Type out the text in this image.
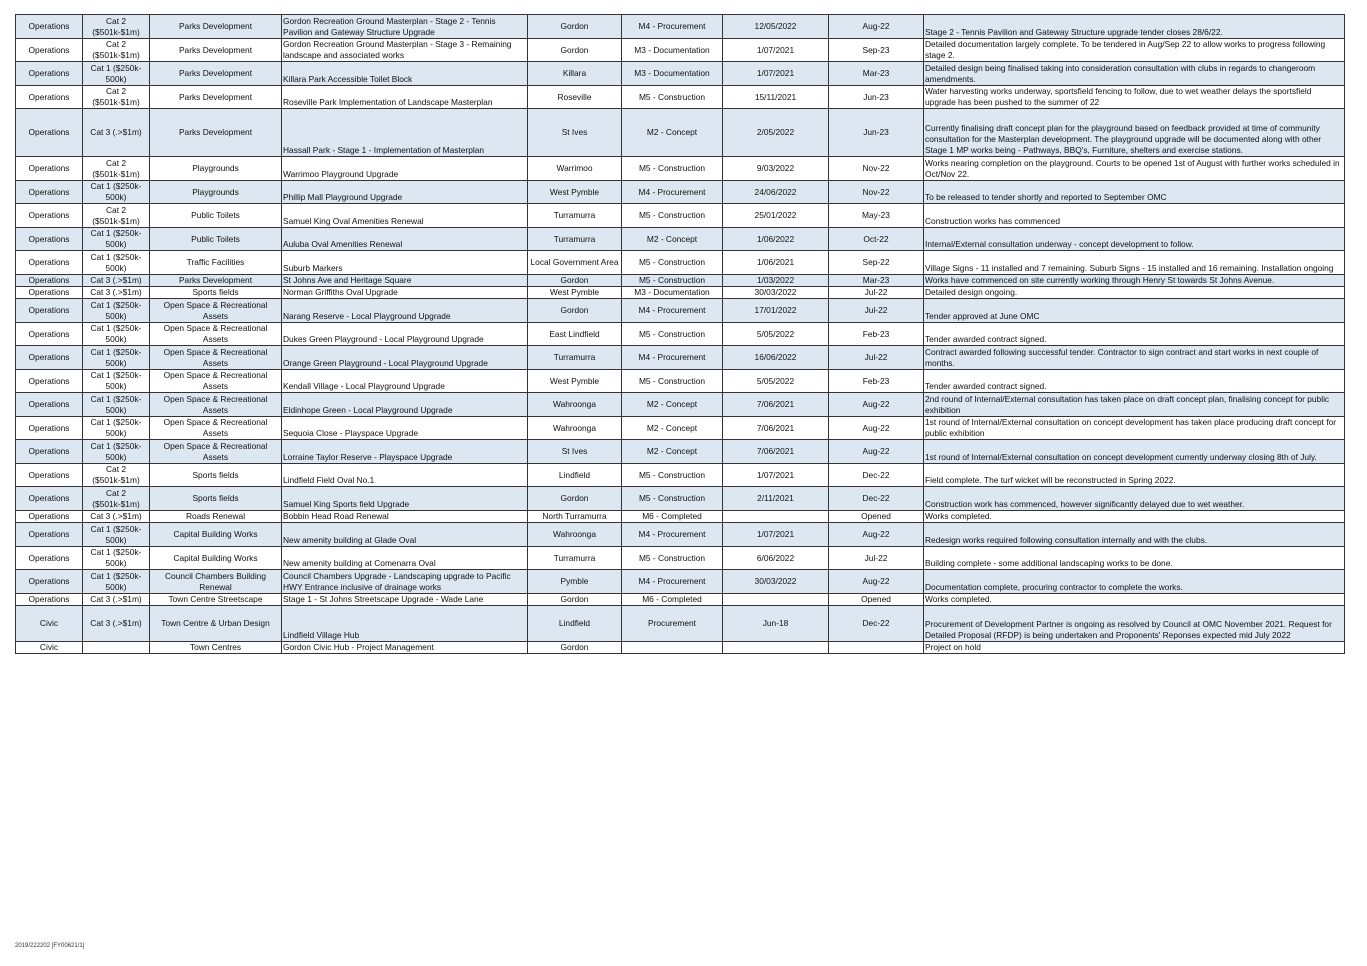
Operations	Cat 2 ($501k-$1m)	Parks Development	Gordon Recreation Ground Masterplan - Stage 2 - Tennis Pavilion and Gateway Structure Upgrade	Gordon	M4 - Procurement	12/05/2022	Aug-22	Stage 2 - Tennis Pavilion and Gateway Structure upgrade tender closes 28/6/22.
Operations	Cat 2 ($501k-$1m)	Parks Development	Gordon Recreation Ground Masterplan - Stage 3 - Remaining landscape and associated works	Gordon	M3 - Documentation	1/07/2021	Sep-23	Detailed documentation largely complete. To be tendered in Aug/Sep 22 to allow works to progress following stage 2.
Operations	Cat 1 ($250k-500k)	Parks Development	Killara Park Accessible Toilet Block	Killara	M3 - Documentation	1/07/2021	Mar-23	Detailed design being finalised taking into consideration consultation with clubs in regards to changeroom amendments.
Operations	Cat 2 ($501k-$1m)	Parks Development	Roseville Park Implementation of Landscape Masterplan	Roseville	M5 - Construction	15/11/2021	Jun-23	Water harvesting works underway, sportsfield fencing to follow, due to wet weather delays the sportsfield upgrade has been pushed to the summer of 22
Operations	Cat 3 (.>$1m)	Parks Development	Hassall Park - Stage 1 - Implementation of Masterplan	St Ives	M2 - Concept	2/05/2022	Jun-23	Currently finalising draft concept plan for the playground based on feedback provided at time of community consultation for the Masterplan development. The playground upgrade will be documented along with other Stage 1 MP works being - Pathways, BBQ's, Furniture, shelters and exercise stations.
Operations	Cat 2 ($501k-$1m)	Playgrounds	Warrimoo Playground Upgrade	Warrimoo	M5 - Construction	9/03/2022	Nov-22	Works nearing completion on the playground. Courts to be opened 1st of August with further works scheduled in Oct/Nov 22.
Operations	Cat 1 ($250k-500k)	Playgrounds	Phillip Mall Playground Upgrade	West Pymble	M4 - Procurement	24/06/2022	Nov-22	To be released to tender shortly and reported to September OMC
Operations	Cat 2 ($501k-$1m)	Public Toilets	Samuel King Oval Amenities Renewal	Turramurra	M5 - Construction	25/01/2022	May-23	Construction works has commenced
Operations	Cat 1 ($250k-500k)	Public Toilets	Auluba Oval Amenities Renewal	Turramurra	M2 - Concept	1/06/2022	Oct-22	Internal/External consultation underway - concept development to follow.
Operations	Cat 1 ($250k-500k)	Traffic Facilities	Suburb Markers	Local Government Area	M5 - Construction	1/06/2021	Sep-22	Village Signs - 11 installed and 7 remaining. Suburb Signs - 15 installed and 16 remaining. Installation ongoing
Operations	Cat 3 (.>$1m)	Parks Development	St Johns Ave and Heritage Square	Gordon	M5 - Construction	1/03/2022	Mar-23	Works have commenced on site currently working through Henry St towards St Johns Avenue.
Operations	Cat 3 (.>$1m)	Sports fields	Norman Griffiths Oval Upgrade	West Pymble	M3 - Documentation	30/03/2022	Jul-22	Detailed design ongoing.
Operations	Cat 1 ($250k-500k)	Open Space & Recreational Assets	Narang Reserve - Local Playground Upgrade	Gordon	M4 - Procurement	17/01/2022	Jul-22	Tender approved at June OMC
Operations	Cat 1 ($250k-500k)	Open Space & Recreational Assets	Dukes Green Playground - Local Playground Upgrade	East Lindfield	M5 - Construction	5/05/2022	Feb-23	Tender awarded contract signed.
Operations	Cat 1 ($250k-500k)	Open Space & Recreational Assets	Orange Green Playground - Local Playground Upgrade	Turramurra	M4 - Procurement	16/06/2022	Jul-22	Contract awarded following successful tender. Contractor to sign contract and start works in next couple of months.
Operations	Cat 1 ($250k-500k)	Open Space & Recreational Assets	Kendall Village - Local Playground Upgrade	West Pymble	M5 - Construction	5/05/2022	Feb-23	Tender awarded contract signed.
Operations	Cat 1 ($250k-500k)	Open Space & Recreational Assets	Eldinhope Green - Local Playground Upgrade	Wahroonga	M2 - Concept	7/06/2021	Aug-22	2nd round of Internal/External consultation has taken place on draft concept plan, finalising concept for public exhibition
Operations	Cat 1 ($250k-500k)	Open Space & Recreational Assets	Sequoia Close - Playspace Upgrade	Wahroonga	M2 - Concept	7/06/2021	Aug-22	1st round of Internal/External consultation on concept development has taken place producing draft concept for public exhibition
Operations	Cat 1 ($250k-500k)	Open Space & Recreational Assets	Lorraine Taylor Reserve - Playspace Upgrade	St Ives	M2 - Concept	7/06/2021	Aug-22	1st round of Internal/External consultation on concept development currently underway closing 8th of July.
Operations	Cat 2 ($501k-$1m)	Sports fields	Lindfield Field Oval No.1	Lindfield	M5 - Construction	1/07/2021	Dec-22	Field complete. The turf wicket will be reconstructed in Spring 2022.
Operations	Cat 2 ($501k-$1m)	Sports fields	Samuel King Sports field Upgrade	Gordon	M5 - Construction	2/11/2021	Dec-22	Construction work has commenced, however significantly delayed due to wet weather.
Operations	Cat 3 (.>$1m)	Roads Renewal	Bobbin Head Road Renewal	North Turramurra	M6 - Completed		Opened	Works completed.
Operations	Cat 1 ($250k-500k)	Capital Building Works	New amenity building at Glade Oval	Wahroonga	M4 - Procurement	1/07/2021	Aug-22	Redesign works required following consultation internally and with the clubs.
Operations	Cat 1 ($250k-500k)	Capital Building Works	New amenity building at Comenarra Oval	Turramurra	M5 - Construction	6/06/2022	Jul-22	Building complete - some additional landscaping works to be done.
Operations	Cat 1 ($250k-500k)	Council Chambers Building Renewal	Council Chambers Upgrade - Landscaping upgrade to Pacific HWY Entrance inclusive of drainage works	Pymble	M4 - Procurement	30/03/2022	Aug-22	Documentation complete, procuring contractor to complete the works.
Operations	Cat 3 (.>$1m)	Town Centre Streetscape	Stage 1 - St Johns Streetscape Upgrade - Wade Lane	Gordon	M6 - Completed		Opened	Works completed.
Civic	Cat 3 (.>$1m)	Town Centre & Urban Design	Lindfield Village Hub	Lindfield	Procurement	Jun-18	Dec-22	Procurement of Development Partner is ongoing as resolved by Council at OMC November 2021. Request for Detailed Proposal (RFDP) is being undertaken and Proponents' Reponses expected mid July 2022
Civic		Town Centres	Gordon Civic Hub - Project Management	Gordon				Project on hold
2019/222202 [FY00621/1]
